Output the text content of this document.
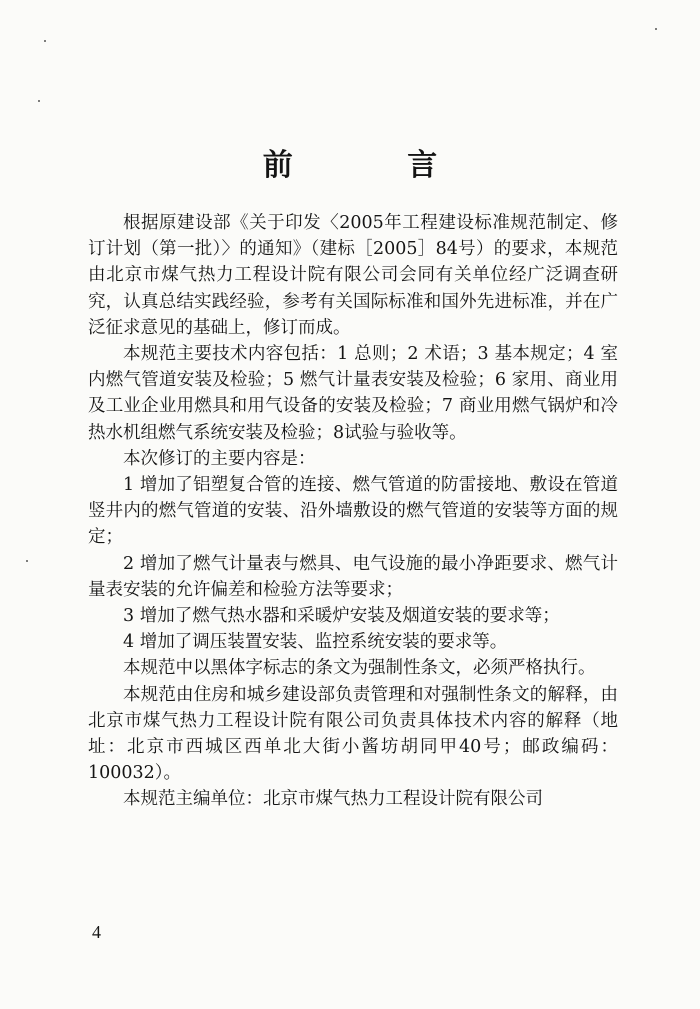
前 言

根据原建设部《关于印发〈2005年工程建设标准规范制定、修订计划（第一批）〉的通知》（建标［2005］84号）的要求，本规范由北京市煤气热力工程设计院有限公司会同有关单位经广泛调查研究，认真总结实践经验，参考有关国际标准和国外先进标准，并在广泛征求意见的基础上，修订而成。

本规范主要技术内容包括：1 总则；2 术语；3 基本规定；4 室内燃气管道安装及检验；5 燃气计量表安装及检验；6 家用、商业用及工业企业用燃具和用气设备的安装及检验；7 商业用燃气锅炉和冷热水机组燃气系统安装及检验；8试验与验收等。

本次修订的主要内容是：

1 增加了铝塑复合管的连接、燃气管道的防雷接地、敷设在管道竖井内的燃气管道的安装、沿外墙敷设的燃气管道的安装等方面的规定；

2 增加了燃气计量表与燃具、电气设施的最小净距要求、燃气计量表安装的允许偏差和检验方法等要求；

3 增加了燃气热水器和采暖炉安装及烟道安装的要求等；

4 增加了调压装置安装、监控系统安装的要求等。

本规范中以黑体字标志的条文为强制性条文，必须严格执行。

本规范由住房和城乡建设部负责管理和对强制性条文的解释，由北京市煤气热力工程设计院有限公司负责具体技术内容的解释（地址：北京市西城区西单北大街小酱坊胡同甲40号；邮政编码：100032）。

本规范主编单位：北京市煤气热力工程设计院有限公司

4
